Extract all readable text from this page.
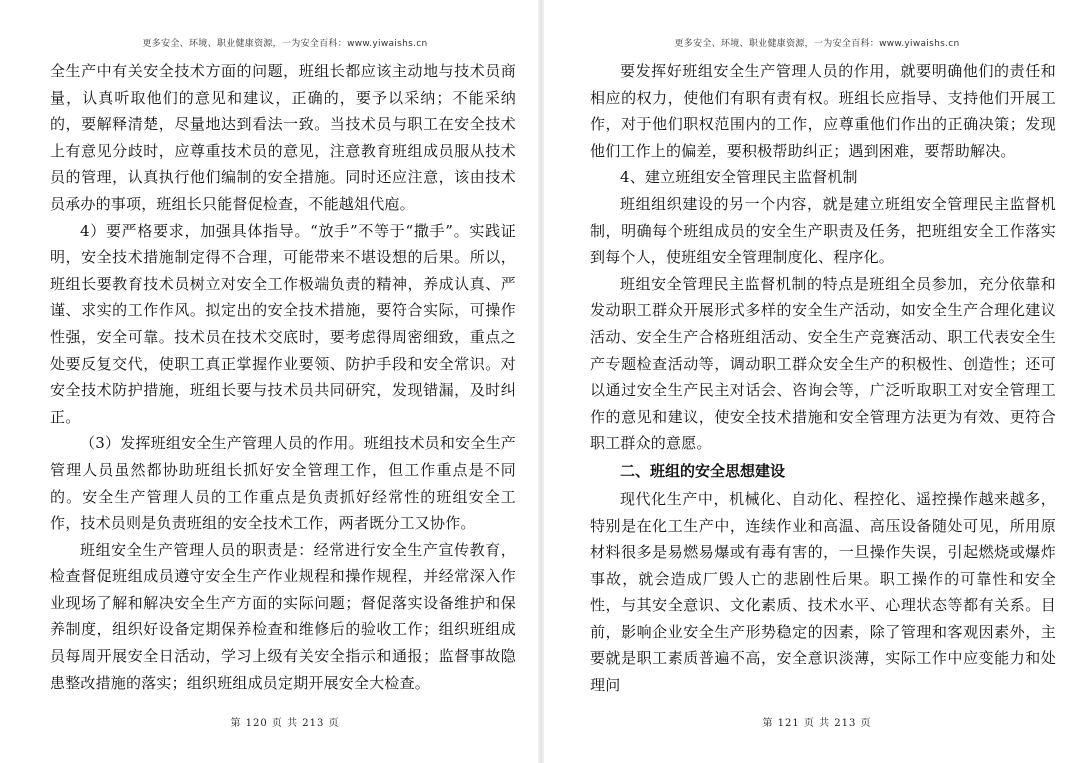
更多安全、环境、职业健康资源，一为安全百科：www.yiwaishs.cn

全生产中有关安全技术方面的问题，班组长都应该主动地与技术员商量，认真听取他们的意见和建议，正确的，要予以采纳；不能采纳的，要解释清楚，尽量地达到看法一致。当技术员与职工在安全技术上有意见分歧时，应尊重技术员的意见，注意教育班组成员服从技术员的管理，认真执行他们编制的安全措施。同时还应注意，该由技术员承办的事项，班组长只能督促检查，不能越俎代庖。

4）要严格要求，加强具体指导。“放手”不等于“撒手”。实践证明，安全技术措施制定得不合理，可能带来不堪设想的后果。所以，班组长要教育技术员树立对安全工作极端负责的精神，养成认真、严谨、求实的工作作风。拟定出的安全技术措施，要符合实际，可操作性强，安全可靠。技术员在技术交底时，要考虑得周密细致，重点之处要反复交代，使职工真正掌握作业要领、防护手段和安全常识。对安全技术防护措施，班组长要与技术员共同研究，发现错漏，及时纠正。

（3）发挥班组安全生产管理人员的作用。班组技术员和安全生产管理人员虽然都协助班组长抓好安全管理工作，但工作重点是不同的。安全生产管理人员的工作重点是负责抓好经常性的班组安全工作，技术员则是负责班组的安全技术工作，两者既分工又协作。

班组安全生产管理人员的职责是：经常进行安全生产宣传教育，检查督促班组成员遵守安全生产作业规程和操作规程，并经常深入作业现场了解和解决安全生产方面的实际问题；督促落实设备维护和保养制度，组织好设备定期保养检查和维修后的验收工作；组织班组成员每周开展安全日活动，学习上级有关安全指示和通报；监督事故隐患整改措施的落实；组织班组成员定期开展安全大检查。

第 120 页 共 213 页
更多安全、环境、职业健康资源，一为安全百科：www.yiwaishs.cn

要发挥好班组安全生产管理人员的作用，就要明确他们的责任和相应的权力，使他们有职有责有权。班组长应指导、支持他们开展工作，对于他们职权范围内的工作，应尊重他们作出的正确决策；发现他们工作上的偏差，要积极帮助纠正；遇到困难，要帮助解决。

4、建立班组安全管理民主监督机制

班组组织建设的另一个内容，就是建立班组安全管理民主监督机制，明确每个班组成员的安全生产职责及任务，把班组安全工作落实到每个人，使班组安全管理制度化、程序化。

班组安全管理民主监督机制的特点是班组全员参加，充分依靠和发动职工群众开展形式多样的安全生产活动，如安全生产合理化建议活动、安全生产合格班组活动、安全生产竞赛活动、职工代表安全生产专题检查活动等，调动职工群众安全生产的积极性、创造性；还可以通过安全生产民主对话会、咨询会等，广泛听取职工对安全管理工作的意见和建议，使安全技术措施和安全管理方法更为有效、更符合职工群众的意愿。

二、班组的安全思想建设

现代化生产中，机械化、自动化、程控化、遥控操作越来越多，特别是在化工生产中，连续作业和高温、高压设备随处可见，所用原材料很多是易燃易爆或有毒有害的，一旦操作失误，引起燃烧或爆炸事故，就会造成厂毁人亡的悲剧性后果。职工操作的可靠性和安全性，与其安全意识、文化素质、技术水平、心理状态等都有关系。目前，影响企业安全生产形势稳定的因素，除了管理和客观因素外，主要就是职工素质普遍不高，安全意识淡薄，实际工作中应变能力和处理问

第 121 页 共 213 页
